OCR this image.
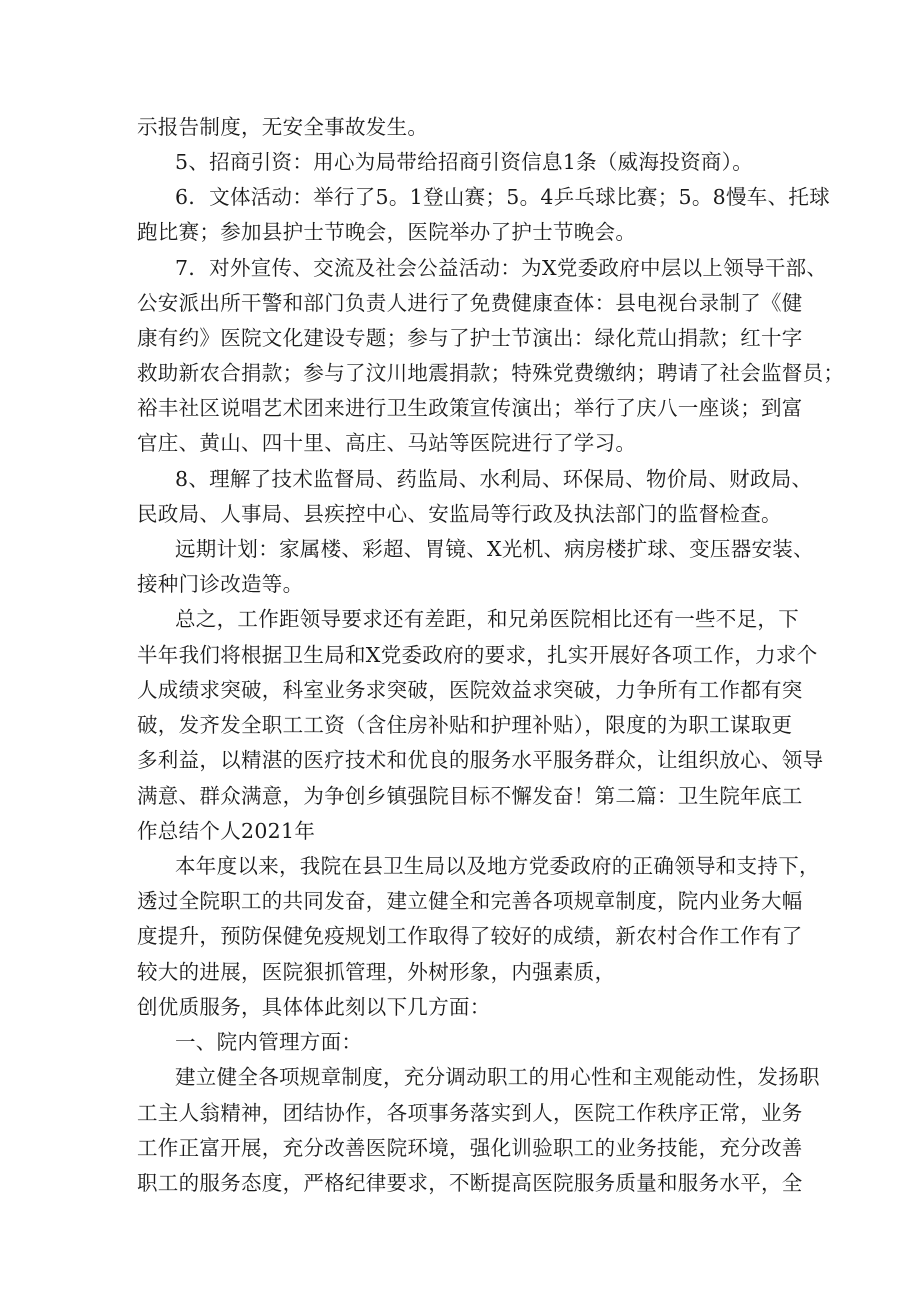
示报告制度，无安全事故发生。
5、招商引资：用心为局带给招商引资信息1条（威海投资商）。
6．文体活动：举行了5。1登山赛；5。4乒乓球比赛；5。8慢车、托球
跑比赛；参加县护士节晚会，医院举办了护士节晚会。
7．对外宣传、交流及社会公益活动：为X党委政府中层以上领导干部、
公安派出所干警和部门负责人进行了免费健康查体：县电视台录制了《健
康有约》医院文化建设专题；参与了护士节演出：绿化荒山捐款；红十字
救助新农合捐款；参与了汶川地震捐款；特殊党费缴纳；聘请了社会监督员；
裕丰社区说唱艺术团来进行卫生政策宣传演出；举行了庆八一座谈；到富
官庄、黄山、四十里、高庄、马站等医院进行了学习。
8、理解了技术监督局、药监局、水利局、环保局、物价局、财政局、
民政局、人事局、县疾控中心、安监局等行政及执法部门的监督检查。
远期计划：家属楼、彩超、胃镜、X光机、病房楼扩球、变压器安装、
接种门诊改造等。
总之，工作距领导要求还有差距，和兄弟医院相比还有一些不足，下
半年我们将根据卫生局和X党委政府的要求，扎实开展好各项工作，力求个
人成绩求突破，科室业务求突破，医院效益求突破，力争所有工作都有突
破，发齐发全职工工资（含住房补贴和护理补贴），限度的为职工谋取更
多利益，以精湛的医疗技术和优良的服务水平服务群众，让组织放心、领导
满意、群众满意，为争创乡镇强院目标不懈发奋！第二篇：卫生院年底工
作总结个人2021年
本年度以来，我院在县卫生局以及地方党委政府的正确领导和支持下，
透过全院职工的共同发奋，建立健全和完善各项规章制度，院内业务大幅
度提升，预防保健免疫规划工作取得了较好的成绩，新农村合作工作有了
较大的进展，医院狠抓管理，外树形象，内强素质，
创优质服务，具体体此刻以下几方面：
一、院内管理方面：
建立健全各项规章制度，充分调动职工的用心性和主观能动性，发扬职
工主人翁精神，团结协作，各项事务落实到人，医院工作秩序正常，业务
工作正富开展，充分改善医院环境，强化训验职工的业务技能，充分改善
职工的服务态度，严格纪律要求，不断提高医院服务质量和服务水平，全
